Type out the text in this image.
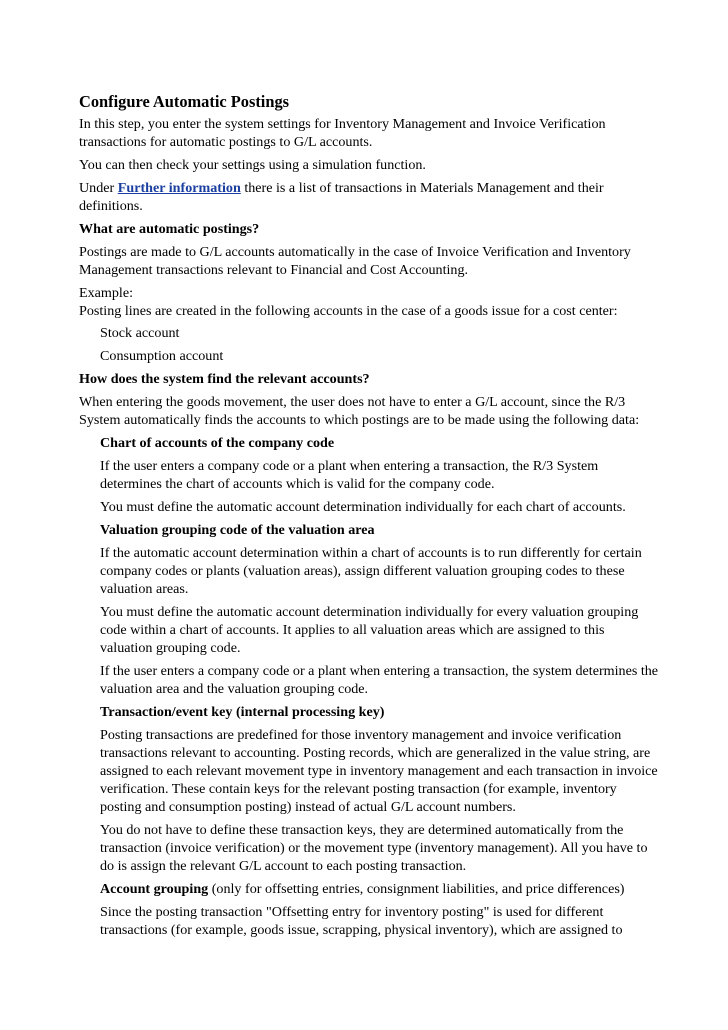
Configure Automatic Postings
In this step, you enter the system settings for Inventory Management and Invoice Verification transactions for automatic postings to G/L accounts.
You can then check your settings using a simulation function.
Under Further information there is a list of transactions in Materials Management and their definitions.
What are automatic postings?
Postings are made to G/L accounts automatically in the case of Invoice Verification and Inventory Management transactions relevant to Financial and Cost Accounting.
Example:
Posting lines are created in the following accounts in the case of a goods issue for a cost center:
Stock account
Consumption account
How does the system find the relevant accounts?
When entering the goods movement, the user does not have to enter a G/L account, since the R/3 System automatically finds the accounts to which postings are to be made using the following data:
Chart of accounts of the company code
If the user enters a company code or a plant when entering a transaction, the R/3 System determines the chart of accounts which is valid for the company code.
You must define the automatic account determination individually for each chart of accounts.
Valuation grouping code of the valuation area
If the automatic account determination within a chart of accounts is to run differently for certain company codes or plants (valuation areas), assign different valuation grouping codes to these valuation areas.
You must define the automatic account determination individually for every valuation grouping code within a chart of accounts. It applies to all valuation areas which are assigned to this valuation grouping code.
If the user enters a company code or a plant when entering a transaction, the system determines the valuation area and the valuation grouping code.
Transaction/event key (internal processing key)
Posting transactions are predefined for those inventory management and invoice verification transactions relevant to accounting. Posting records, which are generalized in the value string, are assigned to each relevant movement type in inventory management and each transaction in invoice verification. These contain keys for the relevant posting transaction (for example, inventory posting and consumption posting) instead of actual G/L account numbers.
You do not have to define these transaction keys, they are determined automatically from the transaction (invoice verification) or the movement type (inventory management). All you have to do is assign the relevant G/L account to each posting transaction.
Account grouping (only for offsetting entries, consignment liabilities, and price differences)
Since the posting transaction "Offsetting entry for inventory posting" is used for different transactions (for example, goods issue, scrapping, physical inventory), which are assigned to
